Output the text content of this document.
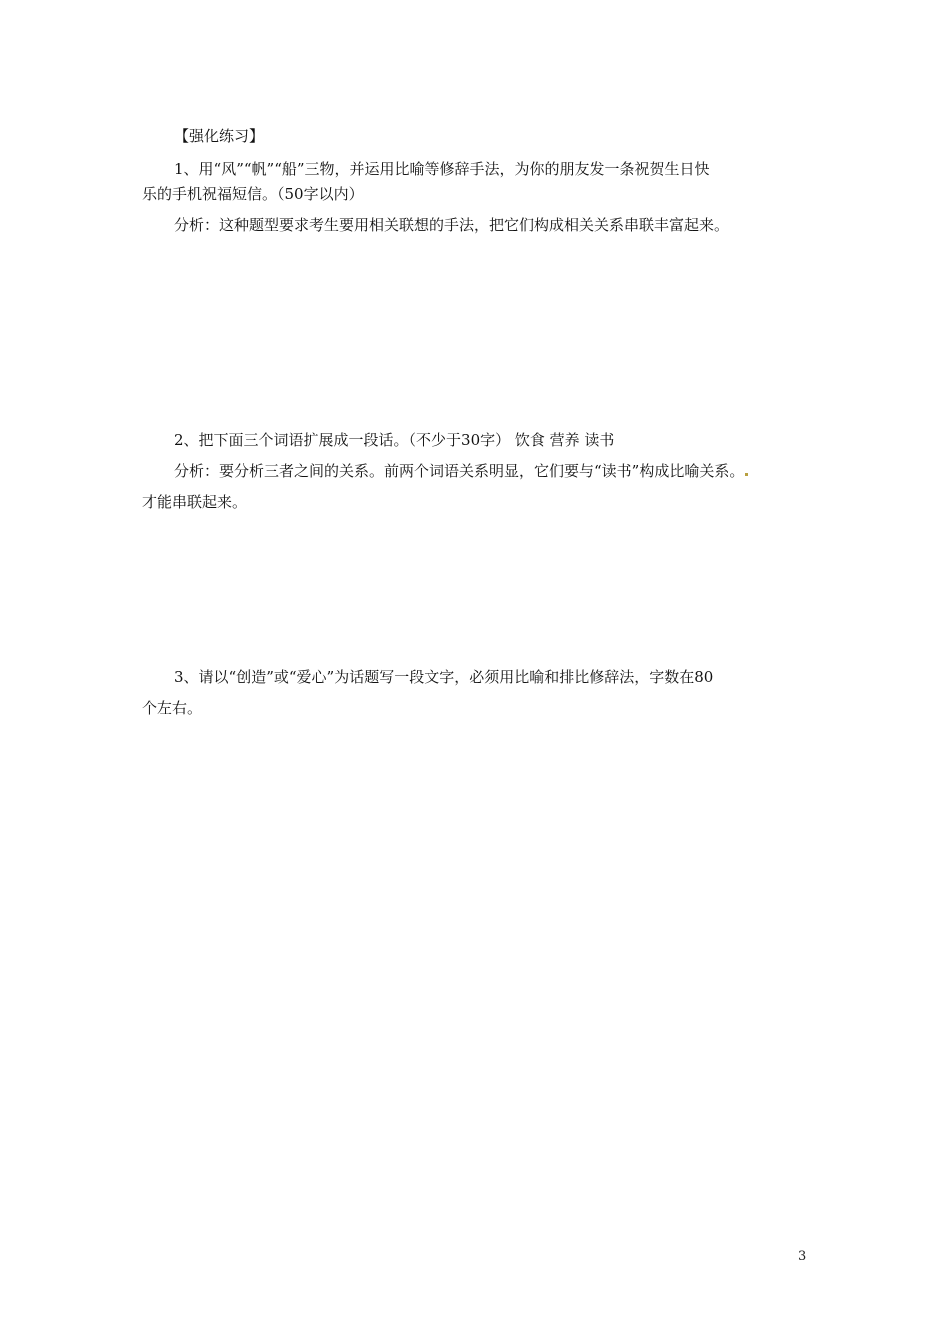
【强化练习】

1、用“风”“帆”“船”三物，并运用比喻等修辞手法，为你的朋友发一条祝贺生日快

乐的手机祝福短信。（50字以内）

分析：这种题型要求考生要用相关联想的手法，把它们构成相关关系串联丰富起来。

2、把下面三个词语扩展成一段话。（不少于30字） 饮食 营养 读书

分析：要分析三者之间的关系。前两个词语关系明显，它们要与“读书”构成比喻关系。

才能串联起来。

3、请以“创造”或“爱心”为话题写一段文字，必须用比喻和排比修辞法，字数在80

个左右。

3
